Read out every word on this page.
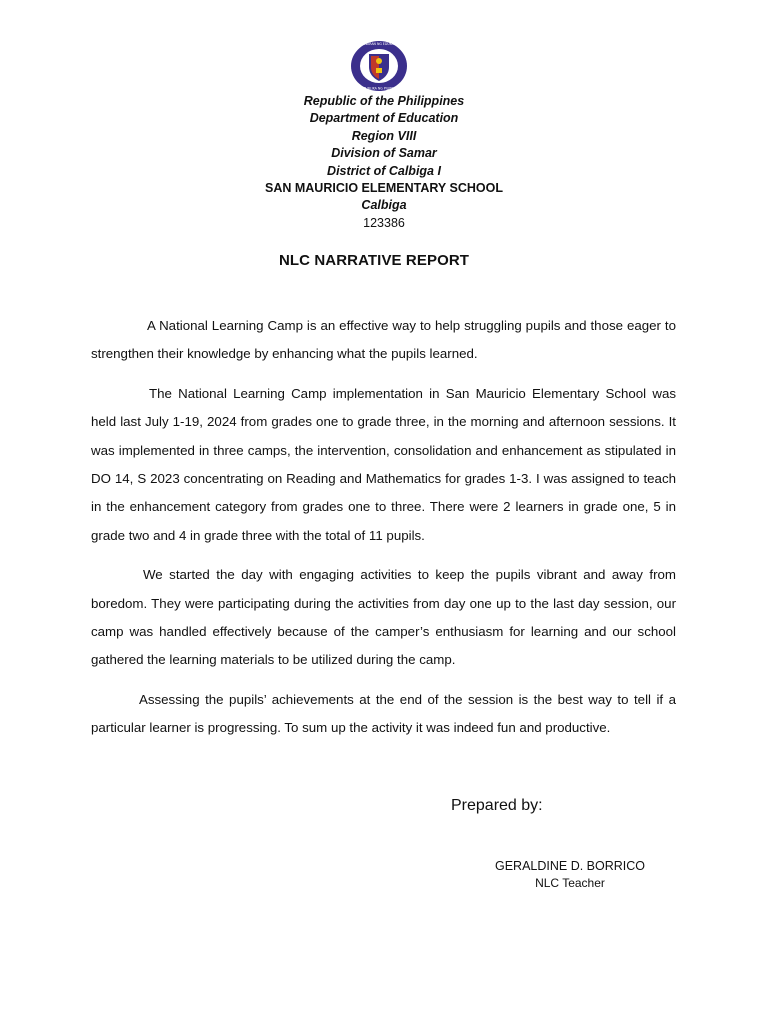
KAGAWARAN NG EDUKASYON
REPUBLIKA NG PILIPINAS
Republic of the Philippines
Department of Education
Region VIII
Division of Samar
District of Calbiga I
SAN MAURICIO ELEMENTARY SCHOOL
Calbiga
123386
NLC NARRATIVE REPORT

A National Learning Camp is an effective way to help struggling pupils and those eager to strengthen their knowledge by enhancing what the pupils learned.

The National Learning Camp implementation in San Mauricio Elementary School was held last July 1-19, 2024 from grades one to grade three, in the morning and afternoon sessions. It was implemented in three camps, the intervention, consolidation and enhancement as stipulated in DO 14, S 2023 concentrating on Reading and Mathematics for grades 1-3. I was assigned to teach in the enhancement category from grades one to three. There were 2 learners in grade one, 5 in grade two and 4 in grade three with the total of 11 pupils.

We started the day with engaging activities to keep the pupils vibrant and away from boredom. They were participating during the activities from day one up to the last day session, our camp was handled effectively because of the camper’s enthusiasm for learning and our school gathered the learning materials to be utilized during the camp.

Assessing the pupils’ achievements at the end of the session is the best way to tell if a particular learner is progressing. To sum up the activity it was indeed fun and productive.

Prepared by:
GERALDINE D. BORRICO
NLC Teacher
